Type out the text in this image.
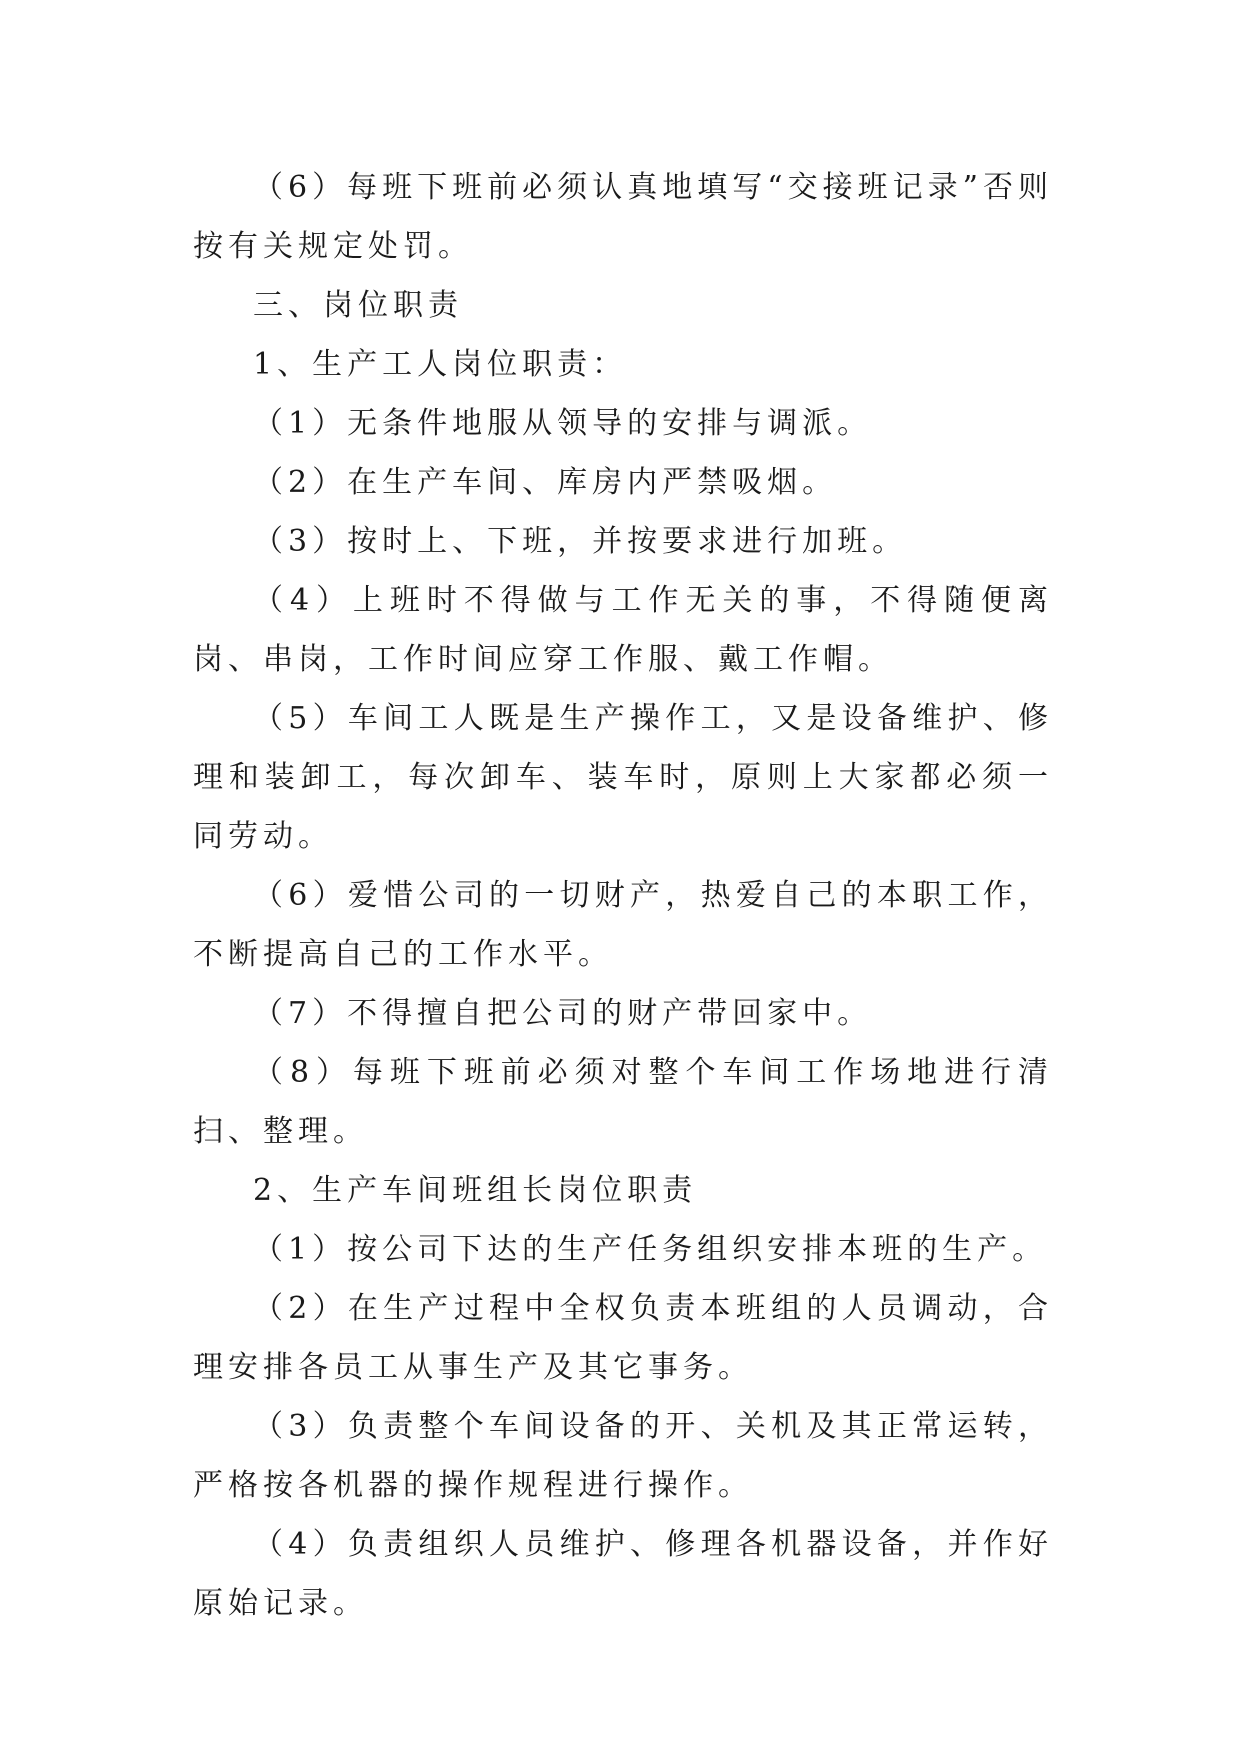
（6）每班下班前必须认真地填写“交接班记录”否则按有关规定处罚。

三、岗位职责

1、生产工人岗位职责：

（1）无条件地服从领导的安排与调派。

（2）在生产车间、库房内严禁吸烟。

（3）按时上、下班，并按要求进行加班。

（4）上班时不得做与工作无关的事，不得随便离岗、串岗，工作时间应穿工作服、戴工作帽。

（5）车间工人既是生产操作工，又是设备维护、修理和装卸工，每次卸车、装车时，原则上大家都必须一同劳动。

（6）爱惜公司的一切财产，热爱自己的本职工作，不断提高自己的工作水平。

（7）不得擅自把公司的财产带回家中。

（8）每班下班前必须对整个车间工作场地进行清扫、整理。

2、生产车间班组长岗位职责

（1）按公司下达的生产任务组织安排本班的生产。

（2）在生产过程中全权负责本班组的人员调动，合理安排各员工从事生产及其它事务。

（3）负责整个车间设备的开、关机及其正常运转，严格按各机器的操作规程进行操作。

（4）负责组织人员维护、修理各机器设备，并作好原始记录。
